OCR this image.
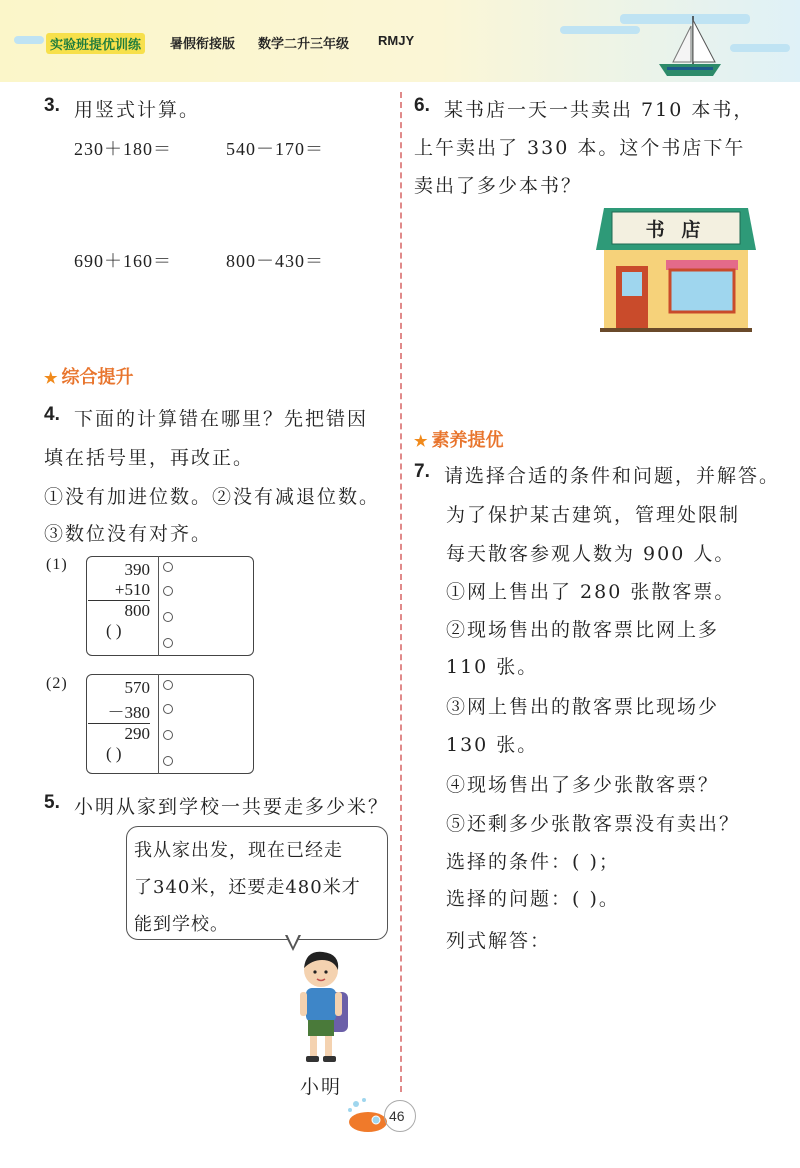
实验班提优训练	暑假衔接版 数学二升三年级 RMJY
3. 用竖式计算。
230＋180＝	540－170＝
690＋160＝	800－430＝
★ 综合提升
4. 下面的计算错在哪里？先把错因
填在括号里，再改正。
①没有加进位数。②没有减退位数。
③数位没有对齐。
(1)	390
+510
800
( )
(2)	570
－380
290
( )
5. 小明从家到学校一共要走多少米？
我从家出发，现在已经走
了340米，还要走480米才
能到学校。
小明
6. 某书店一天一共卖出 710 本书，
上午卖出了 330 本。这个书店下午
卖出了多少本书？
书 店
★ 素养提优
7. 请选择合适的条件和问题，并解答。
为了保护某古建筑，管理处限制
每天散客参观人数为 900 人。
①网上售出了 280 张散客票。
②现场售出的散客票比网上多
110 张。
③网上售出的散客票比现场少
130 张。
④现场售出了多少张散客票？
⑤还剩多少张散客票没有卖出？
选择的条件：( )；
选择的问题：( )。
列式解答：
46
